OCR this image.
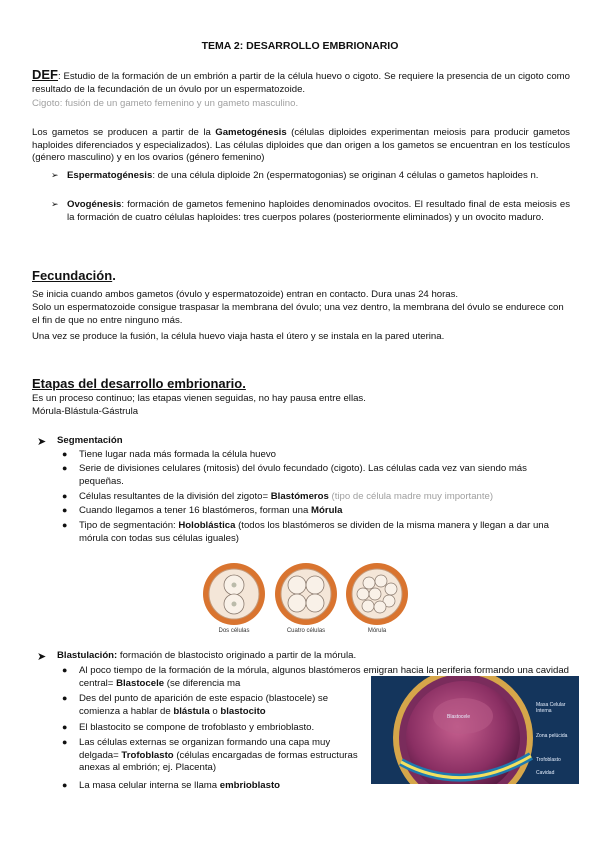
TEMA 2: DESARROLLO EMBRIONARIO

DEF: Estudio de la formación de un embrión a partir de la célula huevo o cigoto. Se requiere la presencia de un cigoto como resultado de la fecundación de un óvulo por un espermatozoide.

Cigoto: fusión de un gameto femenino y un gameto masculino.

Los gametos se producen a partir de la Gametogénesis (células diploides experimentan meiosis para producir gametos haploides diferenciados y especializados). Las células diploides que dan origen a los gametos se encuentran en los testículos (género masculino) y en los ovarios (género femenino)

➢ Espermatogénesis: de una célula diploide 2n (espermatogonias) se originan 4 células o gametos haploides n.

➢ Ovogénesis: formación de gametos femenino haploides denominados ovocitos. El resultado final de esta meiosis es la formación de cuatro células haploides: tres cuerpos polares (posteriormente eliminados) y un ovocito maduro.

Fecundación.

Se inicia cuando ambos gametos (óvulo y espermatozoide) entran en contacto. Dura unas 24 horas.

Solo un espermatozoide consigue traspasar la membrana del óvulo; una vez dentro, la membrana del óvulo se endurece con el fin de que no entre ninguno más.

Una vez se produce la fusión, la célula huevo viaja hasta el útero y se instala en la pared uterina.

Etapas del desarrollo embrionario.

Es un proceso continuo; las etapas vienen seguidas, no hay pausa entre ellas.

Mórula-Blástula-Gástrula

➤ Segmentación

● Tiene lugar nada más formada la célula huevo

● Serie de divisiones celulares (mitosis) del óvulo fecundado (cigoto). Las células cada vez van siendo más pequeñas.

● Células resultantes de la división del zigoto= Blastómeros (tipo de célula madre muy importante)

● Cuando llegamos a tener 16 blastómeros, forman una Mórula

● Tipo de segmentación: Holoblástica (todos los blastómeros se dividen de la misma manera y llegan a dar una mórula con todas sus células iguales)

Dos células	Cuatro células	Mórula
➤ Blastulación: formación de blastocisto originado a partir de la mórula.

● Al poco tiempo de la formación de la mórula, algunos blastómeros emigran hacia la periferia formando una cavidad central= Blastocele (se diferencia ma

Blastocele
Masa Celular Interna
Zona pelúcida
Trofoblasto
Cavidad
● Des del punto de aparición de este espacio (blastocele) se comienza a hablar de blástula o blastocito

● El blastocito se compone de trofoblasto y embrioblasto.

● Las células externas se organizan formando una capa muy delgada= Trofoblasto (células encargadas de formas estructuras anexas al embrión; ej. Placenta)

● La masa celular interna se llama embrioblasto
